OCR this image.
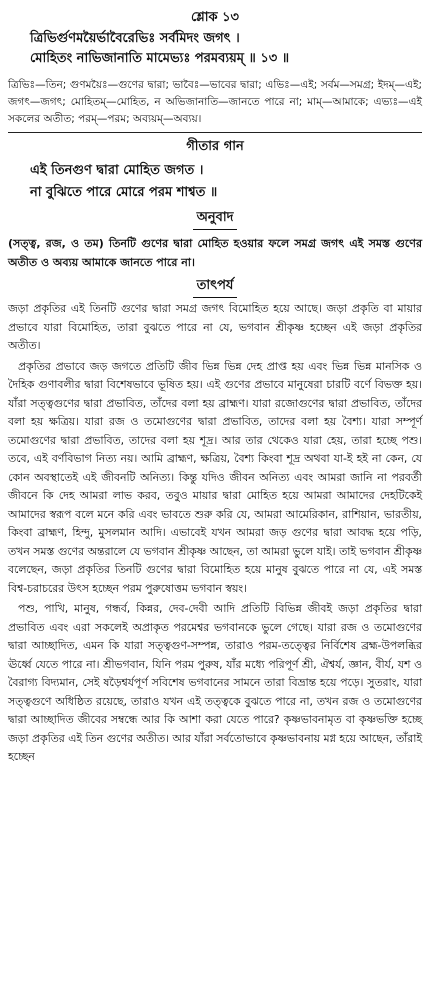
শ্লোক ১৩
ত্রিভির্গুণময়ৈর্ভাবৈরেভিঃ সর্বমিদং জগৎ ।
মোহিতং নাভিজানাতি মামেভ্যঃ পরমব্যয়ম্ ॥ ১৩ ॥
ত্রিভিঃ—তিন; গুণময়ৈঃ—গুণের দ্বারা; ভাবৈঃ—ভাবের দ্বারা; এভিঃ—এই; সর্বম—সমগ্র; ইদম্—এই; জগৎ—জগৎ; মোহিতম্—মোহিত, ন অভিজানাতি—জানতে পারে না; মাম্—আমাকে; এভ্যঃ—এই সকলের অতীত; পরম্—পরম; অব্যয়ম্—অব্যয়।
গীতার গান
এই তিনগুণ দ্বারা মোহিত জগত ।
না বুঝিতে পারে মোরে পরম শাশ্বত ॥
অনুবাদ
(সত্ত্ব, রজ, ও তম) তিনটি গুণের দ্বারা মোহিত হওয়ার ফলে সমগ্র জগৎ এই সমস্ত গুণের অতীত ও অব্যয় আমাকে জানতে পারে না।
তাৎপর্য

জড়া প্রকৃতির এই তিনটি গুণের দ্বারা সমগ্র জগৎ বিমোহিত হয়ে আছে। জড়া প্রকৃতি বা মায়ার প্রভাবে যারা বিমোহিত, তারা বুঝতে পারে না যে, ভগবান শ্রীকৃষ্ণ হচ্ছেন এই জড়া প্রকৃতির অতীত।

প্রকৃতির প্রভাবে জড় জগতে প্রতিটি জীব ভিন্ন ভিন্ন দেহ প্রাপ্ত হয় এবং ভিন্ন ভিন্ন মানসিক ও দৈহিক গুণাবলীর দ্বারা বিশেষভাবে ভূষিত হয়। এই গুণের প্রভাবে মানুষেরা চারটি বর্ণে বিভক্ত হয়। যাঁরা সত্ত্বগুণের দ্বারা প্রভাবিত, তাঁদের বলা হয় ব্রাহ্মণ। যারা রজোগুণের দ্বারা প্রভাবিত, তাঁদের বলা হয় ক্ষত্রিয়। যারা রজ ও তমোগুণের দ্বারা প্রভাবিত, তাদের বলা হয় বৈশ্য। যারা সম্পূর্ণ তমোগুণের দ্বারা প্রভাবিত, তাদের বলা হয় শূদ্র। আর তার থেকেও যারা হেয়, তারা হচ্ছে পশু। তবে, এই বর্ণবিভাগ নিত্য নয়। আমি ব্রাহ্মণ, ক্ষত্রিয়, বৈশ্য কিংবা শূদ্র অথবা যা-ই হই না কেন, যে কোন অবস্থাতেই এই জীবনটি অনিত্য। কিন্তু যদিও জীবন অনিত্য এবং আমরা জানি না পরবর্তী জীবনে কি দেহ আমরা লাভ করব, তবুও মায়ার দ্বারা মোহিত হয়ে আমরা আমাদের দেহটিকেই আমাদের স্বরূপ বলে মনে করি এবং ভাবতে শুরু করি যে, আমরা আমেরিকান, রাশিয়ান, ভারতীয়, কিংবা ব্রাহ্মণ, হিন্দু, মুসলমান আদি। এভাবেই যখন আমরা জড় গুণের দ্বারা আবদ্ধ হয়ে পড়ি, তখন সমস্ত গুণের অন্তরালে যে ভগবান শ্রীকৃষ্ণ আছেন, তা আমরা ভুলে যাই। তাই ভগবান শ্রীকৃষ্ণ বলেছেন, জড়া প্রকৃতির তিনটি গুণের দ্বারা বিমোহিত হয়ে মানুষ বুঝতে পারে না যে, এই সমস্ত বিশ্ব-চরাচরের উৎস হচ্ছেন পরম পুরুষোত্তম ভগবান স্বয়ং।

পশু, পাখি, মানুষ, গন্ধর্ব, কিন্নর, দেব-দেবী আদি প্রতিটি বিভিন্ন জীবই জড়া প্রকৃতির দ্বারা প্রভাবিত এবং এরা সকলেই অপ্রাকৃত পরমেশ্বর ভগবানকে ভুলে গেছে। যারা রজ ও তমোগুণের দ্বারা আচ্ছাদিত, এমন কি যারা সত্ত্বগুণ-সম্পন্ন, তারাও পরম-তত্ত্বের নির্বিশেষ ব্রহ্ম-উপলব্ধির ঊর্ধ্বে যেতে পারে না। শ্রীভগবান, যিনি পরম পুরুষ, যাঁর মধ্যে পরিপূর্ণ শ্রী, ঐশ্বর্য, জ্ঞান, বীর্য, যশ ও বৈরাগ্য বিদ্যমান, সেই ষড়ৈশ্বর্যপূর্ণ সবিশেষ ভগবানের সামনে তারা বিভ্রান্ত হয়ে পড়ে। সুতরাং, যারা সত্ত্বগুণে অধিষ্ঠিত রয়েছে, তারাও যখন এই তত্ত্বকে বুঝতে পারে না, তখন রজ ও তমোগুণের দ্বারা আচ্ছাদিত জীবের সম্বন্ধে আর কি আশা করা যেতে পারে? কৃষ্ণভাবনামৃত বা কৃষ্ণভক্তি হচ্ছে জড়া প্রকৃতির এই তিন গুণের অতীত। আর যাঁরা সর্বতোভাবে কৃষ্ণভাবনায় মগ্ন হয়ে আছেন, তাঁরাই হচ্ছেন
